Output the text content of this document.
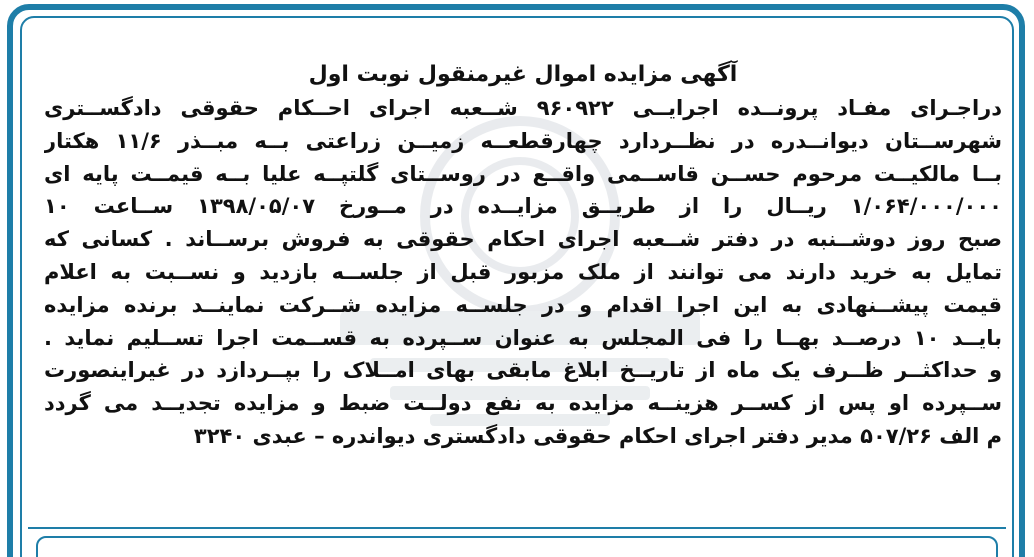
آگهی مزایده اموال غیرمنقول نوبت اول
دراجـرای مفـاد پرونــده اجرایــی ۹۶۰۹۲۲ شــعبه اجرای احــکام حقوقی دادگســتری
شهرســتان دیوانــدره در نظــردارد چهارقطعــه زمیــن زراعتی بــه مبــذر ۱۱/۶ هکتار
بــا مالکیــت مرحوم حســن قاســمی واقــع در روســتای گلتپــه علیا بــه قیمــت پایه ای
۱/۰۶۴/۰۰۰/۰۰۰ ریــال را از طریــق مزایــده در مــورخ ۱۳۹۸/۰۵/۰۷ ســاعت ۱۰
صبح روز دوشــنبه در دفتر شــعبه اجرای احکام حقوقی به فروش برســاند . کسانی که
تمایل به خرید دارند می توانند از ملک مزبور قبل از جلســه بازدید و نســبت به اعلام
قیمت پیشــنهادی به این اجرا اقدام و در جلســه مزایده شــرکت نماینــد برنده مزایده
بایــد ۱۰ درصــد بهــا را فی المجلس به عنوان ســپرده به قســمت اجرا تســلیم نماید .
و حداکثــر ظــرف یک ماه از تاریــخ ابلاغ مابقی بهای امــلاک را بپــردازد در غیراینصورت
ســپرده او پس از کســر هزینــه مزایده به نفع دولــت ضبط و مزایده تجدیــد می گردد
م الف ۵۰۷/۲۶ مدیر دفتر اجرای احکام حقوقی دادگستری دیواندره – عبدی ۳۲۴۰
